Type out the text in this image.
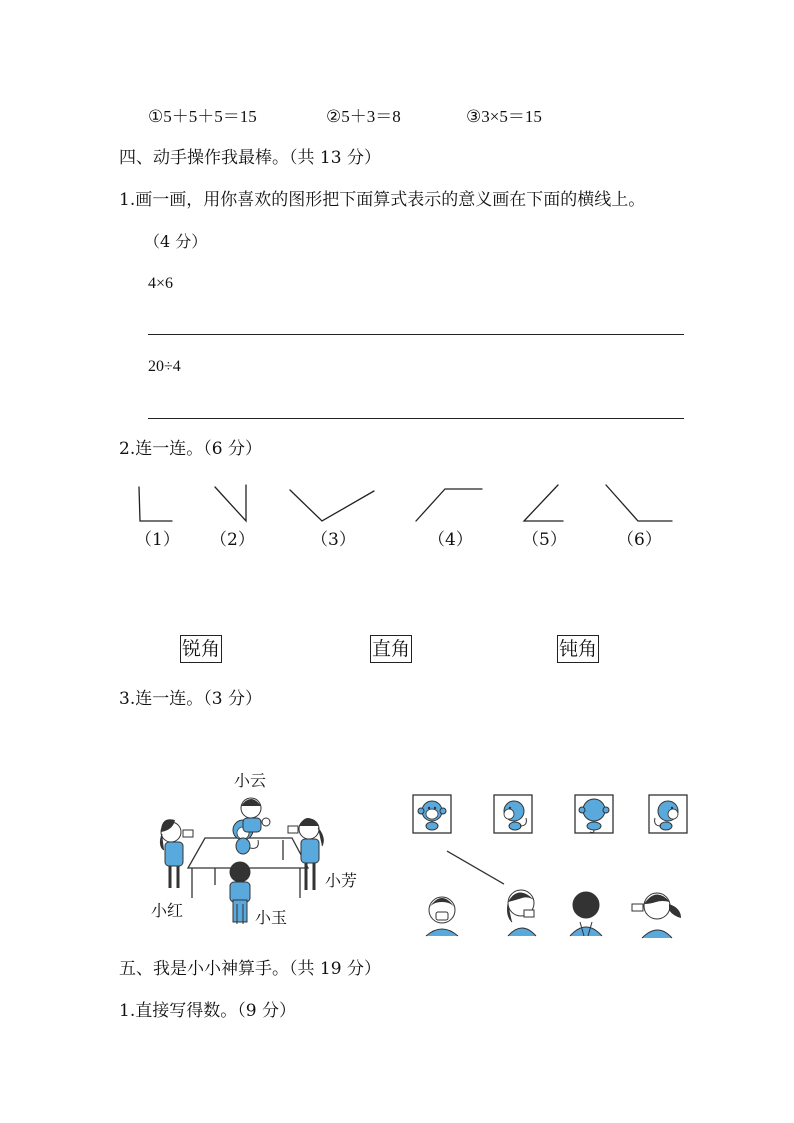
①5＋5＋5＝15	②5＋3＝8	③3×5＝15
四、动手操作我最棒。（共 13 分）
1.画一画，用你喜欢的图形把下面算式表示的意义画在下面的横线上。
（4 分）
4×6
20÷4
2.连一连。（6 分）
（1） （2）	（3）	（4）	（5）	（6）
锐角	直角	钝角
3.连一连。（3 分）
小云
小红	小玉
小芳
五、我是小小神算手。（共 19 分）
1.直接写得数。（9 分）
